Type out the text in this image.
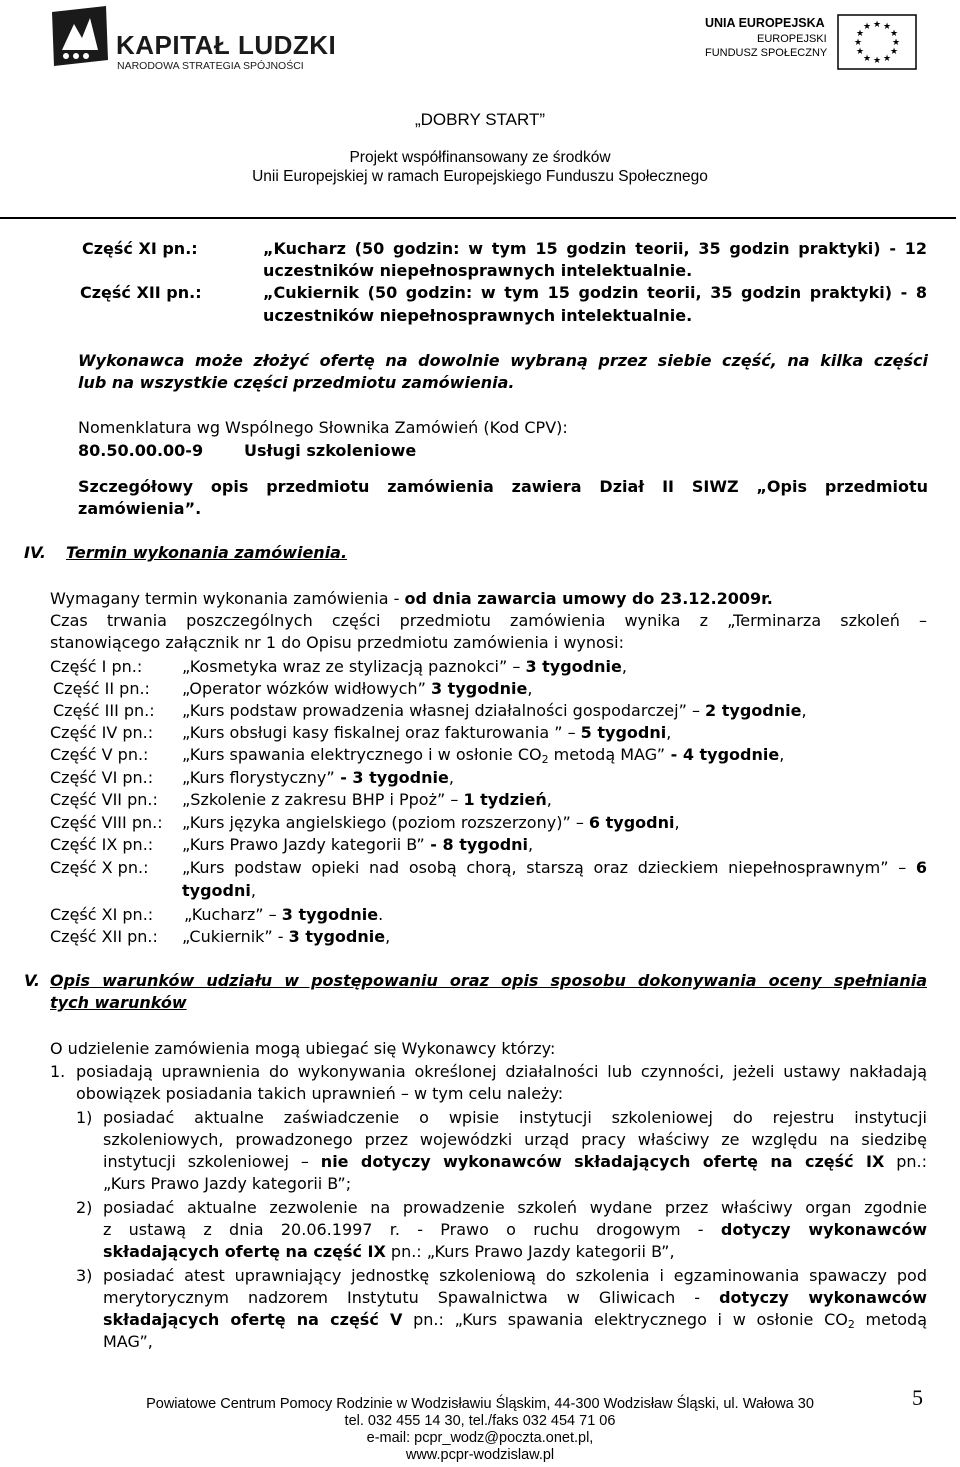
KAPITAŁ LUDZKI
NARODOWA STRATEGIA SPÓJNOŚCI
UNIA EUROPEJSKA
EUROPEJSKI
FUNDUSZ SPOŁECZNY
★ ★
★
★
★
★
★
★
★
★
★
★
„DOBRY START”
Projekt współfinansowany ze środków
Unii Europejskiej w ramach Europejskiego Funduszu Społecznego
Część XI pn.:	„Kucharz (50 godzin: w tym 15 godzin teorii, 35 godzin praktyki) - 12
uczestników niepełnosprawnych intelektualnie.
Część XII pn.:	„Cukiernik (50 godzin: w tym 15 godzin teorii, 35 godzin praktyki) - 8
uczestników niepełnosprawnych intelektualnie.
Wykonawca może złożyć ofertę na dowolnie wybraną przez siebie część, na kilka części
lub na wszystkie części przedmiotu zamówienia.
Nomenklatura wg Wspólnego Słownika Zamówień (Kod CPV):
80.50.00.00-9	Usługi szkoleniowe
Szczegółowy opis przedmiotu zamówienia zawiera Dział II SIWZ „Opis przedmiotu
zamówienia”.
IV. Termin wykonania zamówienia.
Wymagany termin wykonania zamówienia - od dnia zawarcia umowy do 23.12.2009r.
Czas trwania poszczególnych części przedmiotu zamówienia wynika z „Terminarza szkoleń –
stanowiącego załącznik nr 1 do Opisu przedmiotu zamówienia i wynosi:
Część I pn.: „Kosmetyka wraz ze stylizacją paznokci” – 3 tygodnie,
Część II pn.: „Operator wózków widłowych” 3 tygodnie,
Część III pn.: „Kurs podstaw prowadzenia własnej działalności gospodarczej” – 2 tygodnie,
Część IV pn.: „Kurs obsługi kasy fiskalnej oraz fakturowania ” – 5 tygodni,
Część V pn.: „Kurs spawania elektrycznego i w osłonie $CO_2$ metodą MAG” - 4 tygodnie,
Część VI pn.: „Kurs florystyczny” - 3 tygodnie,
Część VII pn.: „Szkolenie z zakresu BHP i Ppoż” – 1 tydzień,
Część VIII pn.: „Kurs języka angielskiego (poziom rozszerzony)” – 6 tygodni,
Część IX pn.: „Kurs Prawo Jazdy kategorii B” - 8 tygodni,
Część X pn.: „Kurs podstaw opieki nad osobą chorą, starszą oraz dzieckiem niepełnosprawnym” – 6
tygodni,
Część XI pn.: „Kucharz” – 3 tygodnie.
Część XII pn.: „Cukiernik” - 3 tygodnie,
V. Opis warunków udziału w postępowaniu oraz opis sposobu dokonywania oceny spełniania
tych warunków
O udzielenie zamówienia mogą ubiegać się Wykonawcy którzy:
1. posiadają uprawnienia do wykonywania określonej działalności lub czynności, jeżeli ustawy nakładają
obowiązek posiadania takich uprawnień – w tym celu należy:
1) posiadać aktualne zaświadczenie o wpisie instytucji szkoleniowej do rejestru instytucji
szkoleniowych, prowadzonego przez wojewódzki urząd pracy właściwy ze względu na siedzibę
instytucji szkoleniowej – nie dotyczy wykonawców składających ofertę na część IX pn.:
„Kurs Prawo Jazdy kategorii B”;
2) posiadać aktualne zezwolenie na prowadzenie szkoleń wydane przez właściwy organ zgodnie
z ustawą z dnia 20.06.1997 r. - Prawo o ruchu drogowym - dotyczy wykonawców
składających ofertę na część IX pn.: „Kurs Prawo Jazdy kategorii B”,
3) posiadać atest uprawniający jednostkę szkoleniową do szkolenia i egzaminowania spawaczy pod
merytorycznym nadzorem Instytutu Spawalnictwa w Gliwicach - dotyczy wykonawców
składających ofertę na część V pn.: „Kurs spawania elektrycznego i w osłonie $CO_2$ metodą
MAG”,
Powiatowe Centrum Pomocy Rodzinie w Wodzisławiu Śląskim, 44-300 Wodzisław Śląski, ul. Wałowa 30
tel. 032 455 14 30, tel./faks 032 454 71 06
e-mail: pcpr_wodz@poczta.onet.pl,
www.pcpr-wodzislaw.pl
5
